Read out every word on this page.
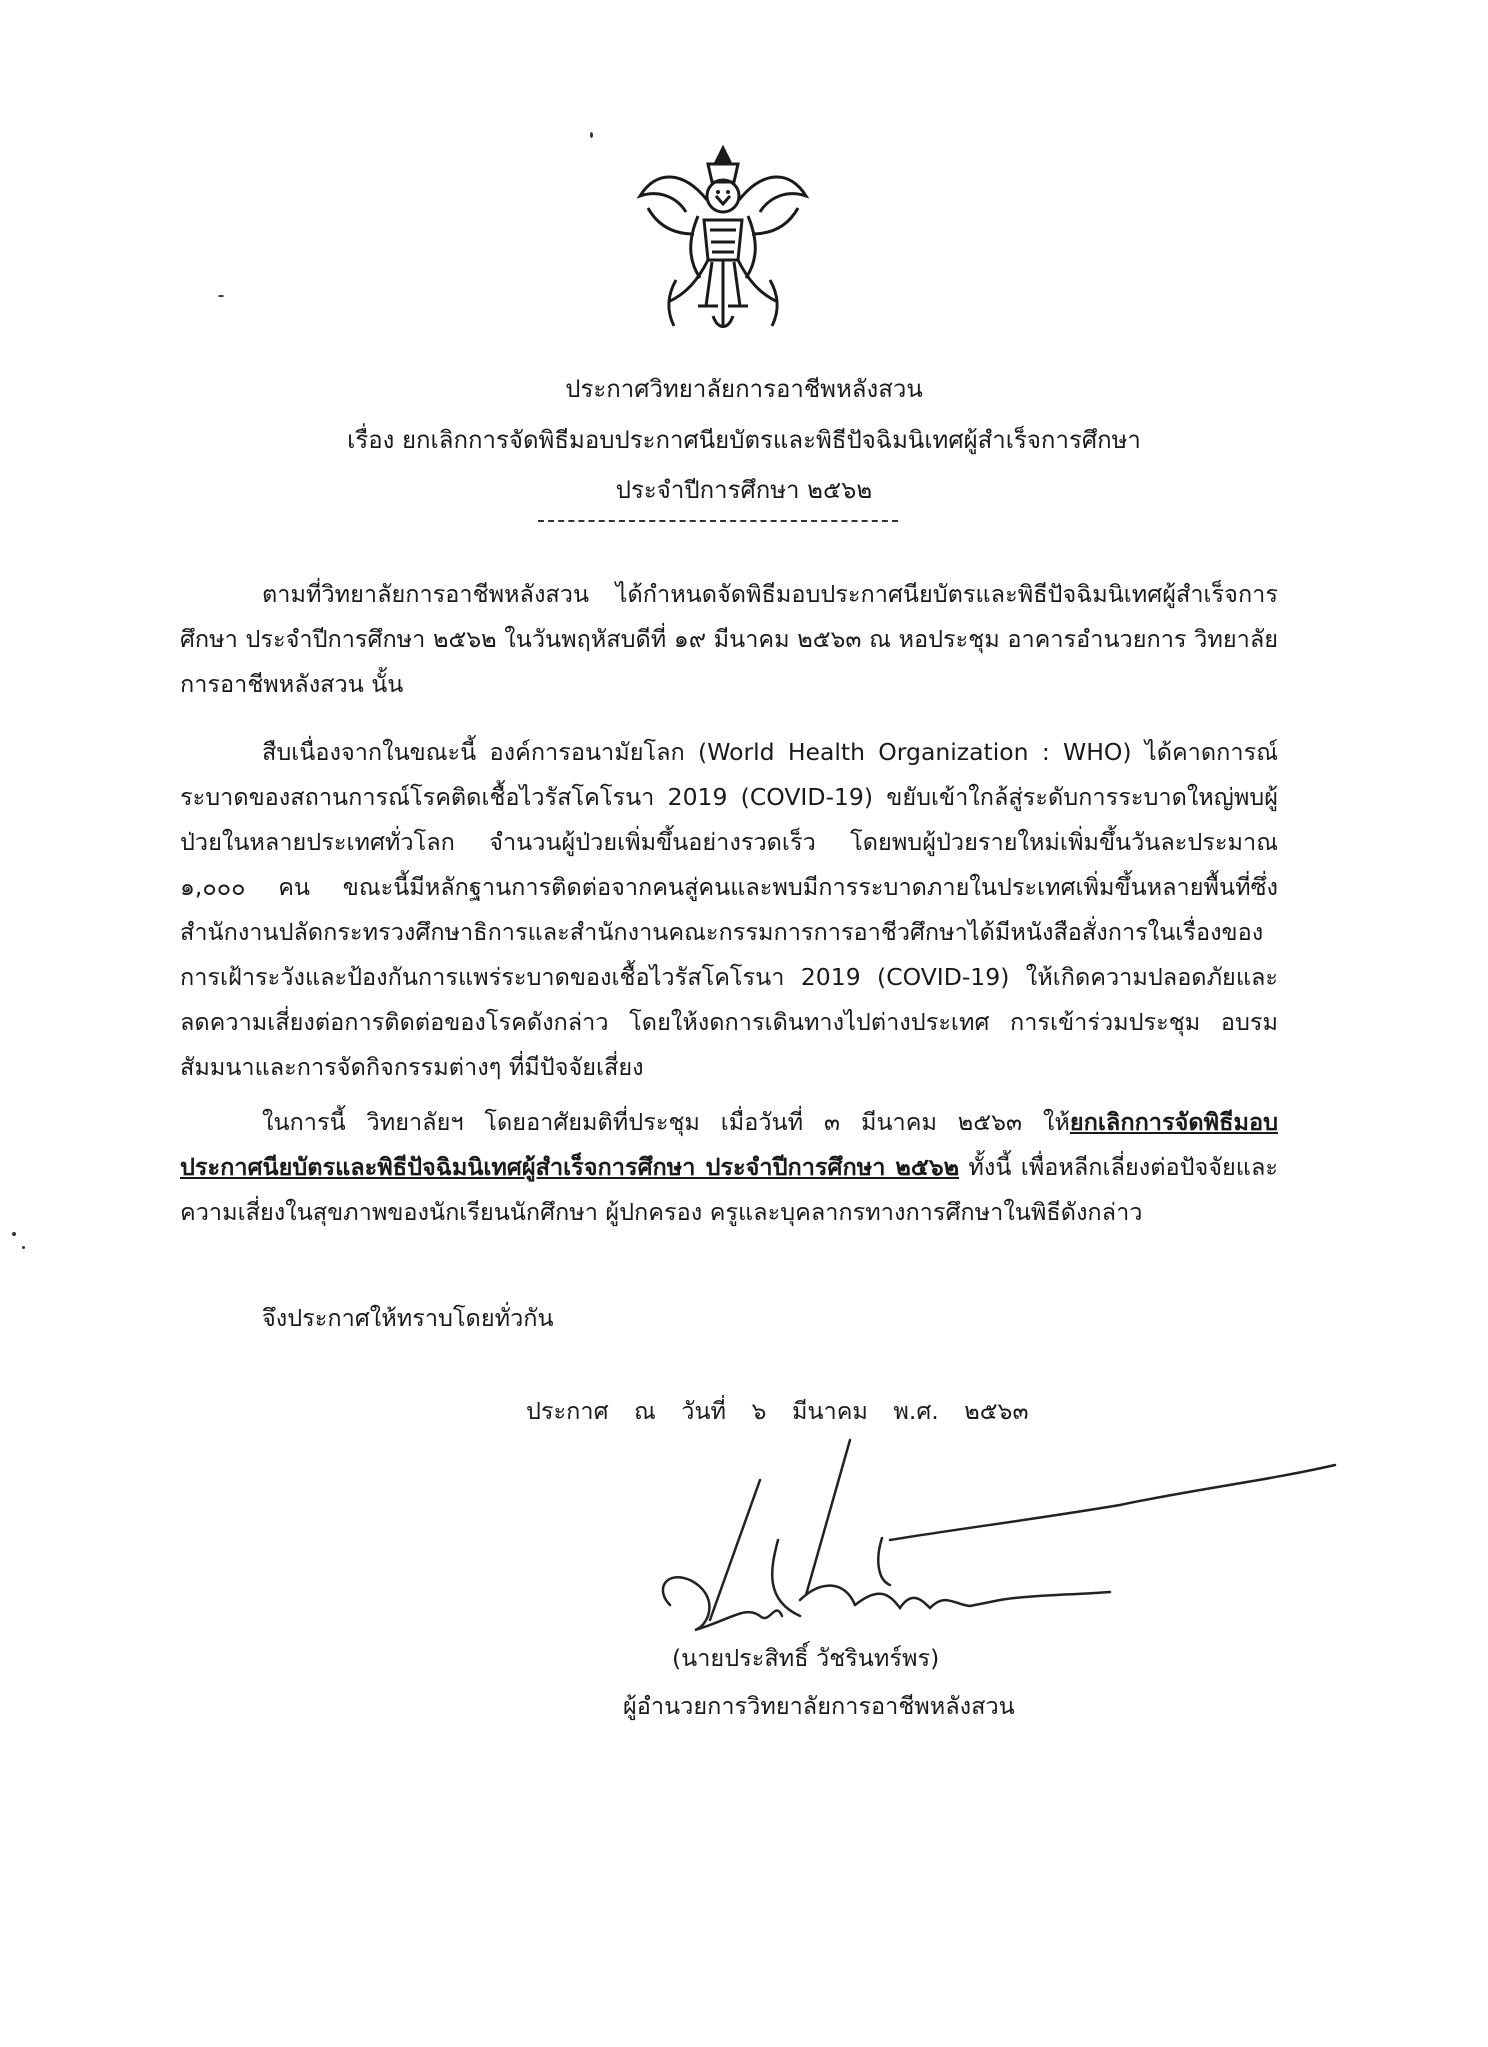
ประกาศวิทยาลัยการอาชีพหลังสวน
เรื่อง ยกเลิกการจัดพิธีมอบประกาศนียบัตรและพิธีปัจฉิมนิเทศผู้สำเร็จการศึกษา
ประจำปีการศึกษา ๒๕๖๒

ตามที่วิทยาลัยการอาชีพหลังสวน ได้กำหนดจัดพิธีมอบประกาศนียบัตรและพิธีปัจฉิมนิเทศผู้สำเร็จการศึกษา ประจำปีการศึกษา ๒๕๖๒ ในวันพฤหัสบดีที่ ๑๙ มีนาคม ๒๕๖๓ ณ หอประชุม อาคารอำนวยการ วิทยาลัยการอาชีพหลังสวน นั้น

สืบเนื่องจากในขณะนี้ องค์การอนามัยโลก (World Health Organization : WHO) ได้คาดการณ์ระบาดของสถานการณ์โรคติดเชื้อไวรัสโคโรนา 2019 (COVID-19) ขยับเข้าใกล้สู่ระดับการระบาดใหญ่พบผู้ป่วยในหลายประเทศทั่วโลก จำนวนผู้ป่วยเพิ่มขึ้นอย่างรวดเร็ว โดยพบผู้ป่วยรายใหม่เพิ่มขึ้นวันละประมาณ ๑,๐๐๐ คน ขณะนี้มีหลักฐานการติดต่อจากคนสู่คนและพบมีการระบาดภายในประเทศเพิ่มขึ้นหลายพื้นที่ซึ่งสำนักงานปลัดกระทรวงศึกษาธิการและสำนักงานคณะกรรมการการอาชีวศึกษาได้มีหนังสือสั่งการในเรื่องของการเฝ้าระวังและป้องกันการแพร่ระบาดของเชื้อไวรัสโคโรนา 2019 (COVID-19) ให้เกิดความปลอดภัยและลดความเสี่ยงต่อการติดต่อของโรคดังกล่าว โดยให้งดการเดินทางไปต่างประเทศ การเข้าร่วมประชุม อบรม สัมมนาและการจัดกิจกรรมต่างๆ ที่มีปัจจัยเสี่ยง

ในการนี้ วิทยาลัยฯ โดยอาศัยมติที่ประชุม เมื่อวันที่ ๓ มีนาคม ๒๕๖๓ ให้ยกเลิกการจัดพิธีมอบประกาศนียบัตรและพิธีปัจฉิมนิเทศผู้สำเร็จการศึกษา ประจำปีการศึกษา ๒๕๖๒ ทั้งนี้ เพื่อหลีกเลี่ยงต่อปัจจัยและความเสี่ยงในสุขภาพของนักเรียนนักศึกษา ผู้ปกครอง ครูและบุคลากรทางการศึกษาในพิธีดังกล่าว

จึงประกาศให้ทราบโดยทั่วกัน
ประกาศ ณ วันที่ ๖ มีนาคม พ.ศ. ๒๕๖๓
(นายประสิทธิ์ วัชรินทร์พร)
ผู้อำนวยการวิทยาลัยการอาชีพหลังสวน
